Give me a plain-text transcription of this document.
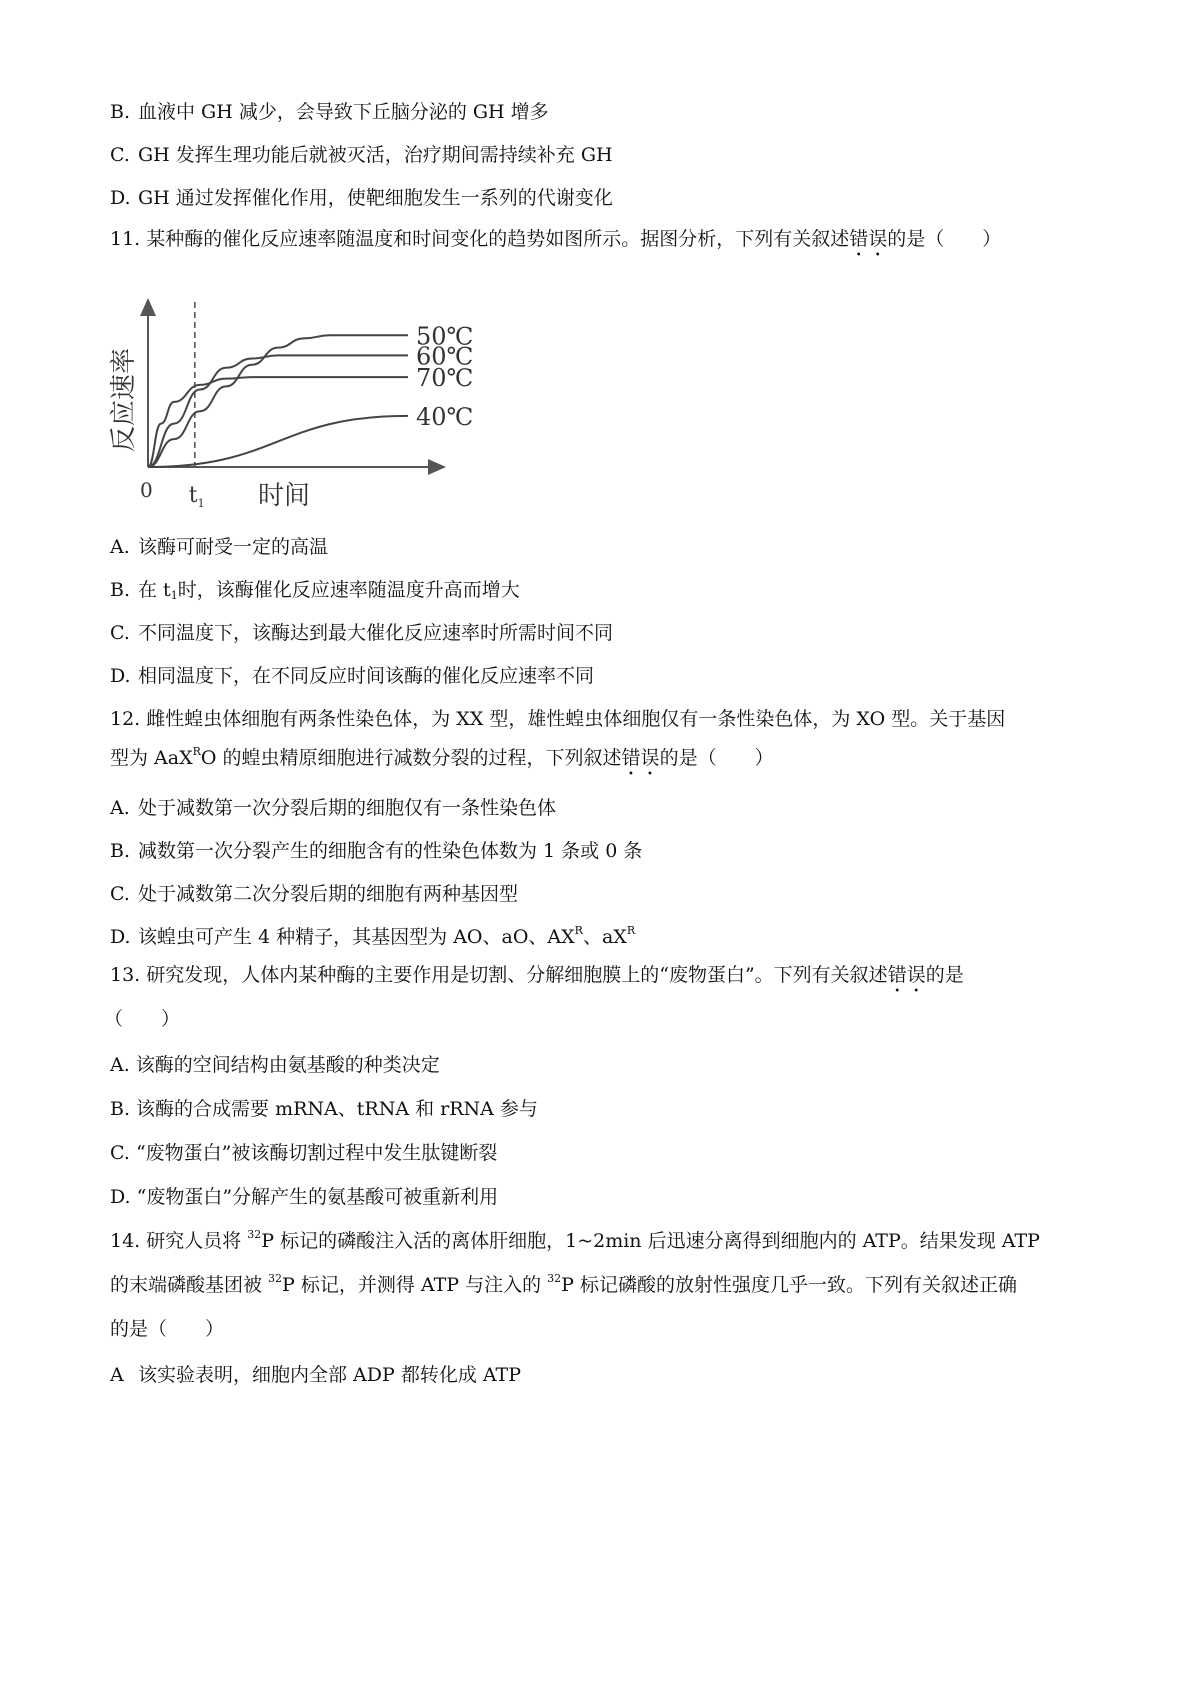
B. 血液中 GH 减少，会导致下丘脑分泌的 GH 增多
C. GH 发挥生理功能后就被灭活，治疗期间需持续补充 GH
D. GH 通过发挥催化作用，使靶细胞发生一系列的代谢变化
11. 某种酶的催化反应速率随温度和时间变化的趋势如图所示。据图分析，下列有关叙述错误的是（　　）
0 $t_1$ 时间
反应速率
50℃
60℃
70℃
40℃
A. 该酶可耐受一定的高温
B. 在 $t_1$时，该酶催化反应速率随温度升高而增大
C. 不同温度下，该酶达到最大催化反应速率时所需时间不同
D. 相同温度下，在不同反应时间该酶的催化反应速率不同
12. 雌性蝗虫体细胞有两条性染色体，为 XX 型，雄性蝗虫体细胞仅有一条性染色体，为 XO 型。关于基因
型为 AaX$^R$O 的蝗虫精原细胞进行减数分裂的过程，下列叙述错误的是（　　）
A. 处于减数第一次分裂后期的细胞仅有一条性染色体
B. 减数第一次分裂产生的细胞含有的性染色体数为 1 条或 0 条
C. 处于减数第二次分裂后期的细胞有两种基因型
D. 该蝗虫可产生 4 种精子，其基因型为 AO、aO、$AX^R$、$aX^R$
13. 研究发现，人体内某种酶的主要作用是切割、分解细胞膜上的“废物蛋白”。下列有关叙述错误的是
（　　）
A. 该酶的空间结构由氨基酸的种类决定
B. 该酶的合成需要 mRNA、tRNA 和 rRNA 参与
C. “废物蛋白”被该酶切割过程中发生肽键断裂
D. “废物蛋白”分解产生的氨基酸可被重新利用
14. 研究人员将 $^{32}$P 标记的磷酸注入活的离体肝细胞，1~2min 后迅速分离得到细胞内的 ATP。结果发现 ATP
的末端磷酸基团被 $^{32}$P 标记，并测得 ATP 与注入的 $^{32}$P 标记磷酸的放射性强度几乎一致。下列有关叙述正确
的是（　　）
A 该实验表明，细胞内全部 ADP 都转化成 ATP
